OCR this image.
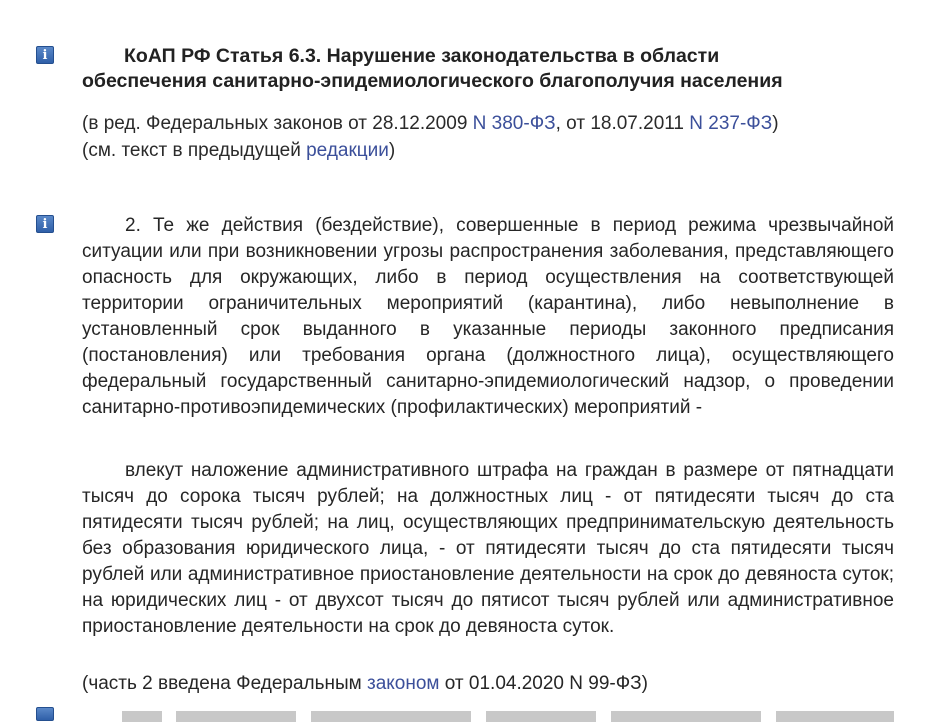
i
i
КоАП РФ Статья 6.3. Нарушение законодательства в области
обеспечения санитарно-эпидемиологического благополучия населения
(в ред. Федеральных законов от 28.12.2009 N 380-ФЗ, от 18.07.2011 N 237-ФЗ)
(см. текст в предыдущей редакции)
2. Те же действия (бездействие), совершенные в период режима чрезвычайной ситуации или при возникновении угрозы распространения заболевания, представляющего опасность для окружающих, либо в период осуществления на соответствующей территории ограничительных мероприятий (карантина), либо невыполнение в установленный срок выданного в указанные периоды законного предписания (постановления) или требования органа (должностного лица), осуществляющего федеральный государственный санитарно-эпидемиологический надзор, о проведении санитарно-противоэпидемических (профилактических) мероприятий -
влекут наложение административного штрафа на граждан в размере от пятнадцати тысяч до сорока тысяч рублей; на должностных лиц - от пятидесяти тысяч до ста пятидесяти тысяч рублей; на лиц, осуществляющих предпринимательскую деятельность без образования юридического лица, - от пятидесяти тысяч до ста пятидесяти тысяч рублей или административное приостановление деятельности на срок до девяноста суток; на юридических лиц - от двухсот тысяч до пятисот тысяч рублей или административное приостановление деятельности на срок до девяноста суток.
(часть 2 введена Федеральным законом от 01.04.2020 N 99-ФЗ)
